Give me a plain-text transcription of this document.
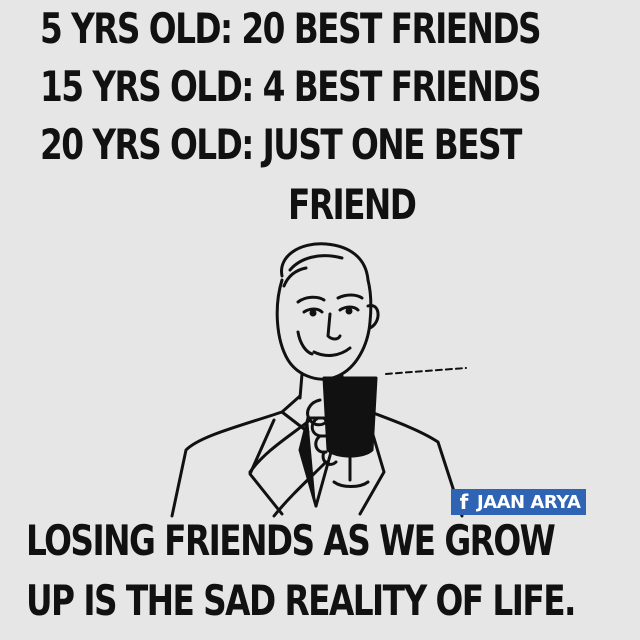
5 YRS OLD: 20 BEST FRIENDS
15 YRS OLD: 4 BEST FRIENDS
20 YRS OLD: JUST ONE BEST
FRIEND
f JAAN ARYA
LOSING FRIENDS AS WE GROW
UP IS THE SAD REALITY OF LIFE.
